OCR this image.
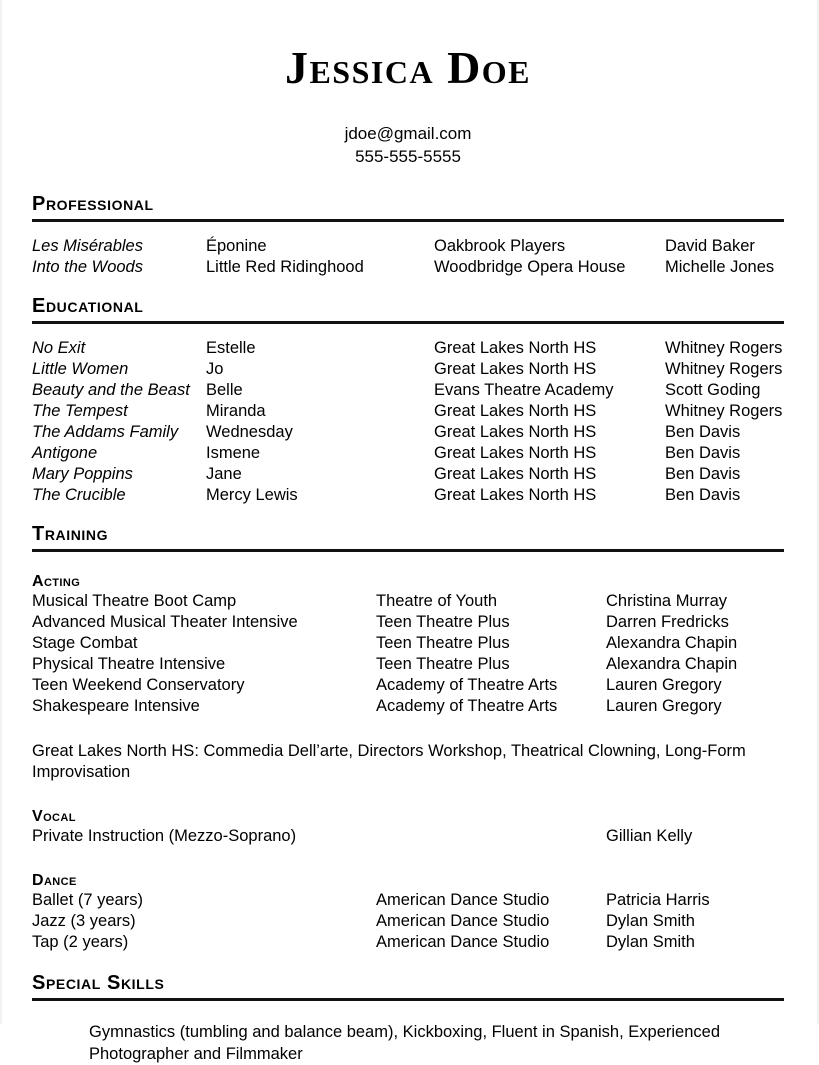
Jessica Doe
jdoe@gmail.com
555-555-5555
Professional
Les Misérables	Éponine	Oakbrook Players	David Baker
Into the Woods	Little Red Ridinghood	Woodbridge Opera House	Michelle Jones
Educational
No Exit	Estelle	Great Lakes North HS	Whitney Rogers
Little Women	Jo	Great Lakes North HS	Whitney Rogers
Beauty and the Beast	Belle	Evans Theatre Academy	Scott Goding
The Tempest	Miranda	Great Lakes North HS	Whitney Rogers
The Addams Family	Wednesday	Great Lakes North HS	Ben Davis
Antigone	Ismene	Great Lakes North HS	Ben Davis
Mary Poppins	Jane	Great Lakes North HS	Ben Davis
The Crucible	Mercy Lewis	Great Lakes North HS	Ben Davis
Training
Acting
Musical Theatre Boot Camp	Theatre of Youth	Christina Murray
Advanced Musical Theater Intensive	Teen Theatre Plus	Darren Fredricks
Stage Combat	Teen Theatre Plus	Alexandra Chapin
Physical Theatre Intensive	Teen Theatre Plus	Alexandra Chapin
Teen Weekend Conservatory	Academy of Theatre Arts	Lauren Gregory
Shakespeare Intensive	Academy of Theatre Arts	Lauren Gregory
Great Lakes North HS: Commedia Dell’arte, Directors Workshop, Theatrical Clowning, Long-Form Improvisation
Vocal
Private Instruction (Mezzo-Soprano)		Gillian Kelly
Dance
Ballet (7 years)	American Dance Studio	Patricia Harris
Jazz (3 years)	American Dance Studio	Dylan Smith
Tap (2 years)	American Dance Studio	Dylan Smith
Special Skills
Gymnastics (tumbling and balance beam), Kickboxing, Fluent in Spanish, Experienced Photographer and Filmmaker
